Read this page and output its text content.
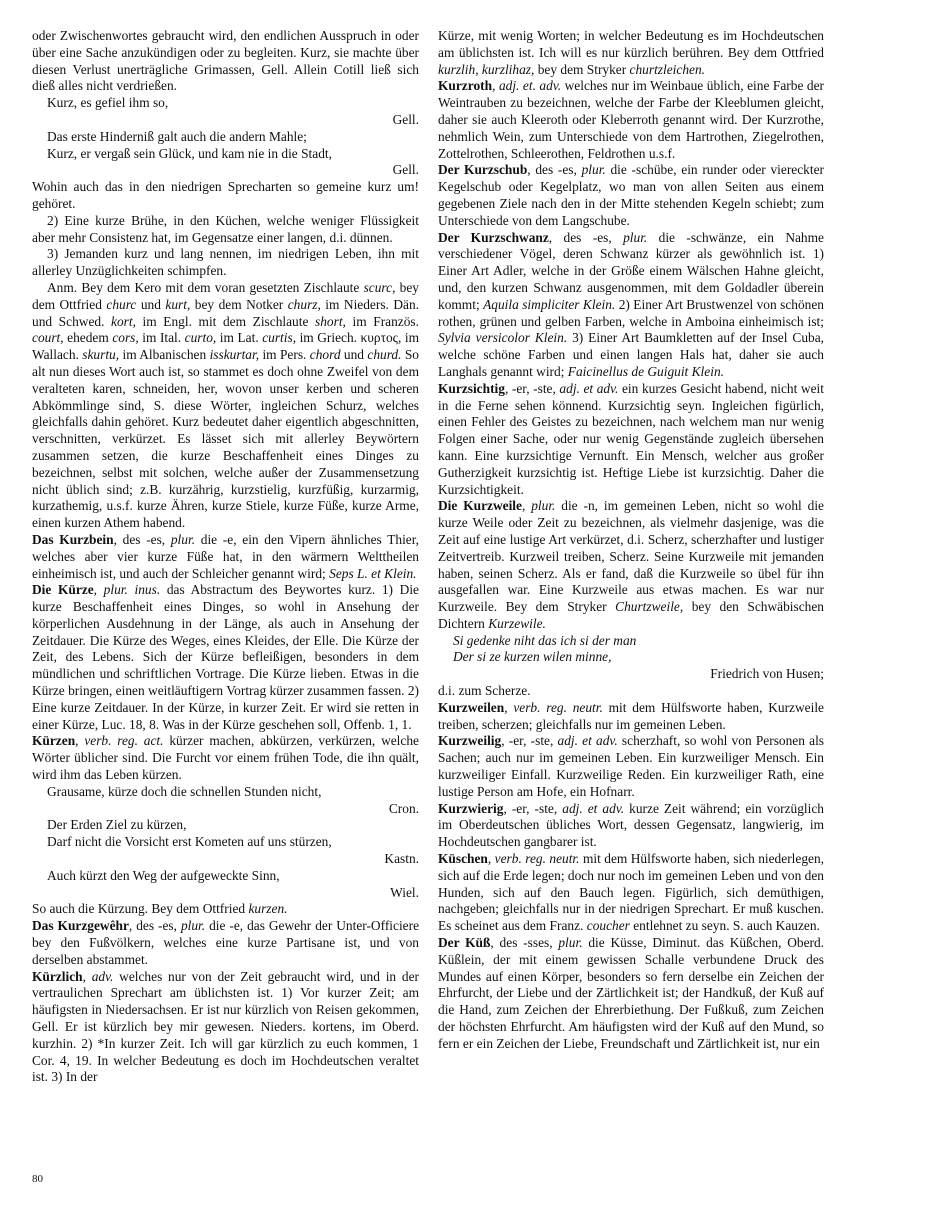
oder Zwischenwortes gebraucht wird, den endlichen Ausspruch in oder über eine Sache anzukündigen oder zu begleiten. Kurz, sie machte über diesen Verlust unerträgliche Grimassen, Gell. Allein Cotill ließ sich dieß alles nicht verdrießen.

Kurz, es gefiel ihm so,

Gell.

Das erste Hinderniß galt auch die andern Mahle;

Kurz, er vergaß sein Glück, und kam nie in die Stadt,

Gell.

Wohin auch das in den niedrigen Sprecharten so gemeine kurz um! gehöret.

2) Eine kurze Brühe, in den Küchen, welche weniger Flüssigkeit aber mehr Consistenz hat, im Gegensatze einer langen, d.i. dünnen.

3) Jemanden kurz und lang nennen, im niedrigen Leben, ihn mit allerley Unzüglichkeiten schimpfen.

Anm. Bey dem Kero mit dem voran gesetzten Zischlaute scurc, bey dem Ottfried churc und kurt, bey dem Notker churz, im Nieders. Dän. und Schwed. kort, im Engl. mit dem Zischlaute short, im Französ. court, ehedem cors, im Ital. curto, im Lat. curtis, im Griech. κυρτος, im Wallach. skurtu, im Albanischen isskurtar, im Pers. chord und churd. So alt nun dieses Wort auch ist, so stammet es doch ohne Zweifel von dem veralteten karen, schneiden, her, wovon unser kerben und scheren Abkömmlinge sind, S. diese Wörter, ingleichen Schurz, welches gleichfalls dahin gehöret. Kurz bedeutet daher eigentlich abgeschnitten, verschnitten, verkürzet. Es lässet sich mit allerley Beywörtern zusammen setzen, die kurze Beschaffenheit eines Dinges zu bezeichnen, selbst mit solchen, welche außer der Zusammensetzung nicht üblich sind; z.B. kurzährig, kurzstielig, kurzfüßig, kurzarmig, kurzathemig, u.s.f. kurze Ähren, kurze Stiele, kurze Füße, kurze Arme, einen kurzen Athem habend.

Das Kurzbein, des -es, plur. die -e, ein den Vipern ähnliches Thier, welches aber vier kurze Füße hat, in den wärmern Welttheilen einheimisch ist, und auch der Schleicher genannt wird; Seps L. et Klein.

Die Kürze, plur. inus. das Abstractum des Beywortes kurz. 1) Die kurze Beschaffenheit eines Dinges, so wohl in Ansehung der körperlichen Ausdehnung in der Länge, als auch in Ansehung der Zeitdauer. Die Kürze des Weges, eines Kleides, der Elle. Die Kürze der Zeit, des Lebens. Sich der Kürze befleißigen, besonders in dem mündlichen und schriftlichen Vortrage. Die Kürze lieben. Etwas in die Kürze bringen, einen weitläuftigern Vortrag kürzer zusammen fassen. 2) Eine kurze Zeitdauer. In der Kürze, in kurzer Zeit. Er wird sie retten in einer Kürze, Luc. 18, 8. Was in der Kürze geschehen soll, Offenb. 1, 1.

Kürzen, verb. reg. act. kürzer machen, abkürzen, verkürzen, welche Wörter üblicher sind. Die Furcht vor einem frühen Tode, die ihn quält, wird ihm das Leben kürzen.

Grausame, kürze doch die schnellen Stunden nicht,

Cron.

Der Erden Ziel zu kürzen,

Darf nicht die Vorsicht erst Kometen auf uns stürzen,

Kastn.

Auch kürzt den Weg der aufgeweckte Sinn,

Wiel.

So auch die Kürzung. Bey dem Ottfried kurzen.

Das Kurzgewêhr, des -es, plur. die -e, das Gewehr der Unter-Officiere bey den Fußvölkern, welches eine kurze Partisane ist, und von derselben abstammet.

Kürzlich, adv. welches nur von der Zeit gebraucht wird, und in der vertraulichen Sprechart am üblichsten ist. 1) Vor kurzer Zeit; am häufigsten in Niedersachsen. Er ist nur kürzlich von Reisen gekommen, Gell. Er ist kürzlich bey mir gewesen. Nieders. kortens, im Oberd. kurzhin. 2) *In kurzer Zeit. Ich will gar kürzlich zu euch kommen, 1 Cor. 4, 19. In welcher Bedeutung es doch im Hochdeutschen veraltet ist. 3) In der

Kürze, mit wenig Worten; in welcher Bedeutung es im Hochdeutschen am üblichsten ist. Ich will es nur kürzlich berühren. Bey dem Ottfried kurzlih, kurzlihaz, bey dem Stryker churtzleichen.

Kurzroth, adj. et. adv. welches nur im Weinbaue üblich, eine Farbe der Weintrauben zu bezeichnen, welche der Farbe der Kleeblumen gleicht, daher sie auch Kleeroth oder Kleberroth genannt wird. Der Kurzrothe, nehmlich Wein, zum Unterschiede von dem Hartrothen, Ziegelrothen, Zottelrothen, Schleerothen, Feldrothen u.s.f.

Der Kurzschub, des -es, plur. die -schübe, ein runder oder viereckter Kegelschub oder Kegelplatz, wo man von allen Seiten aus einem gegebenen Ziele nach den in der Mitte stehenden Kegeln schiebt; zum Unterschiede von dem Langschube.

Der Kurzschwanz, des -es, plur. die -schwänze, ein Nahme verschiedener Vögel, deren Schwanz kürzer als gewöhnlich ist. 1) Einer Art Adler, welche in der Größe einem Wälschen Hahne gleicht, und, den kurzen Schwanz ausgenommen, mit dem Goldadler überein kommt; Aquila simpliciter Klein. 2) Einer Art Brustwenzel von schönen rothen, grünen und gelben Farben, welche in Amboina einheimisch ist; Sylvia versicolor Klein. 3) Einer Art Baumkletten auf der Insel Cuba, welche schöne Farben und einen langen Hals hat, daher sie auch Langhals genannt wird; Faicinellus de Guiguit Klein.

Kurzsichtig, -er, -ste, adj. et adv. ein kurzes Gesicht habend, nicht weit in die Ferne sehen könnend. Kurzsichtig seyn. Ingleichen figürlich, einen Fehler des Geistes zu bezeichnen, nach welchem man nur wenig Folgen einer Sache, oder nur wenig Gegenstände zugleich übersehen kann. Eine kurzsichtige Vernunft. Ein Mensch, welcher aus großer Gutherzigkeit kurzsichtig ist. Heftige Liebe ist kurzsichtig. Daher die Kurzsichtigkeit.

Die Kurzweile, plur. die -n, im gemeinen Leben, nicht so wohl die kurze Weile oder Zeit zu bezeichnen, als vielmehr dasjenige, was die Zeit auf eine lustige Art verkürzet, d.i. Scherz, scherzhafter und lustiger Zeitvertreib. Kurzweil treiben, Scherz. Seine Kurzweile mit jemanden haben, seinen Scherz. Als er fand, daß die Kurzweile so übel für ihn ausgefallen war. Eine Kurzweile aus etwas machen. Es war nur Kurzweile. Bey dem Stryker Churtzweile, bey den Schwäbischen Dichtern Kurzewile.

Si gedenke niht das ich si der man

Der si ze kurzen wilen minne,

Friedrich von Husen;

d.i. zum Scherze.

Kurzweilen, verb. reg. neutr. mit dem Hülfsworte haben, Kurzweile treiben, scherzen; gleichfalls nur im gemeinen Leben.

Kurzweilig, -er, -ste, adj. et adv. scherzhaft, so wohl von Personen als Sachen; auch nur im gemeinen Leben. Ein kurzweiliger Mensch. Ein kurzweiliger Einfall. Kurzweilige Reden. Ein kurzweiliger Rath, eine lustige Person am Hofe, ein Hofnarr.

Kurzwierig, -er, -ste, adj. et adv. kurze Zeit während; ein vorzüglich im Oberdeutschen übliches Wort, dessen Gegensatz, langwierig, im Hochdeutschen gangbarer ist.

Küschen, verb. reg. neutr. mit dem Hülfsworte haben, sich niederlegen, sich auf die Erde legen; doch nur noch im gemeinen Leben und von den Hunden, sich auf den Bauch legen. Figürlich, sich demüthigen, nachgeben; gleichfalls nur in der niedrigen Sprechart. Er muß kuschen. Es scheinet aus dem Franz. coucher entlehnet zu seyn. S. auch Kauzen.

Der Küß, des -sses, plur. die Küsse, Diminut. das Küßchen, Oberd. Küßlein, der mit einem gewissen Schalle verbundene Druck des Mundes auf einen Körper, besonders so fern derselbe ein Zeichen der Ehrfurcht, der Liebe und der Zärtlichkeit ist; der Handkuß, der Kuß auf die Hand, zum Zeichen der Ehrerbiethung. Der Fußkuß, zum Zeichen der höchsten Ehrfurcht. Am häufigsten wird der Kuß auf den Mund, so fern er ein Zeichen der Liebe, Freundschaft und Zärtlichkeit ist, nur ein

80
